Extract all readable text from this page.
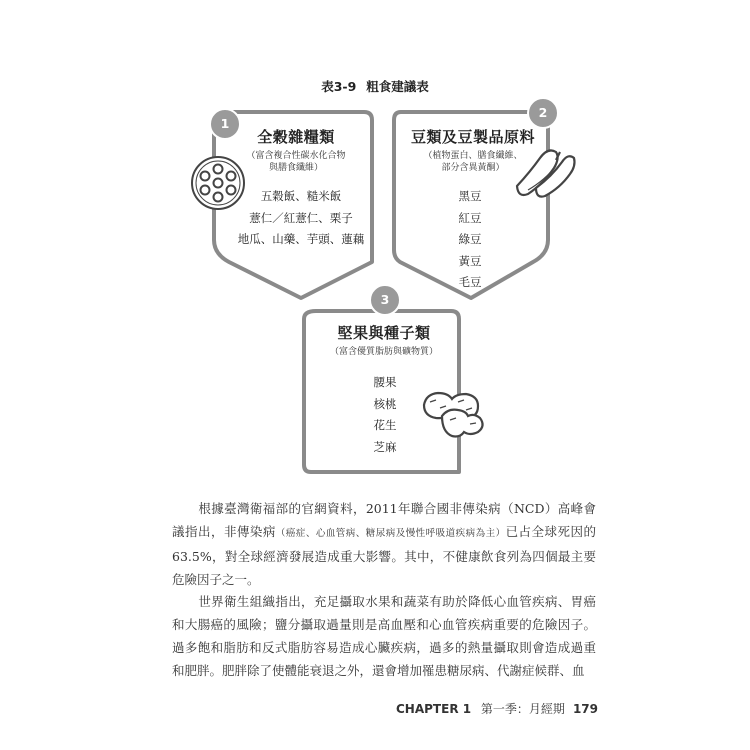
表3-9 粗食建議表
1
2
3
全穀雜糧類
（富含複合性碳水化合物
與膳食纖維）
五穀飯、糙米飯
薏仁／紅薏仁、栗子
地瓜、山藥、芋頭、蓮藕
豆類及豆製品原料
（植物蛋白、膳食纖維、
部分含異黃酮）
黑豆
紅豆
綠豆
黃豆
毛豆
堅果與種子類
（富含優質脂肪與礦物質）
腰果
核桃
花生
芝麻

根據臺灣衛福部的官網資料，2011年聯合國非傳染病（NCD）高峰會議指出，非傳染病（癌症、心血管病、糖尿病及慢性呼吸道疾病為主）已占全球死因的63.5%，對全球經濟發展造成重大影響。其中，不健康飲食列為四個最主要危險因子之一。

世界衛生組織指出，充足攝取水果和蔬菜有助於降低心血管疾病、胃癌和大腸癌的風險；鹽分攝取過量則是高血壓和心血管疾病重要的危險因子。過多飽和脂肪和反式脂肪容易造成心臟疾病，過多的熱量攝取則會造成過重和肥胖。肥胖除了使體能衰退之外，還會增加罹患糖尿病、代謝症候群、血

CHAPTER 1 第一季：月經期 179
